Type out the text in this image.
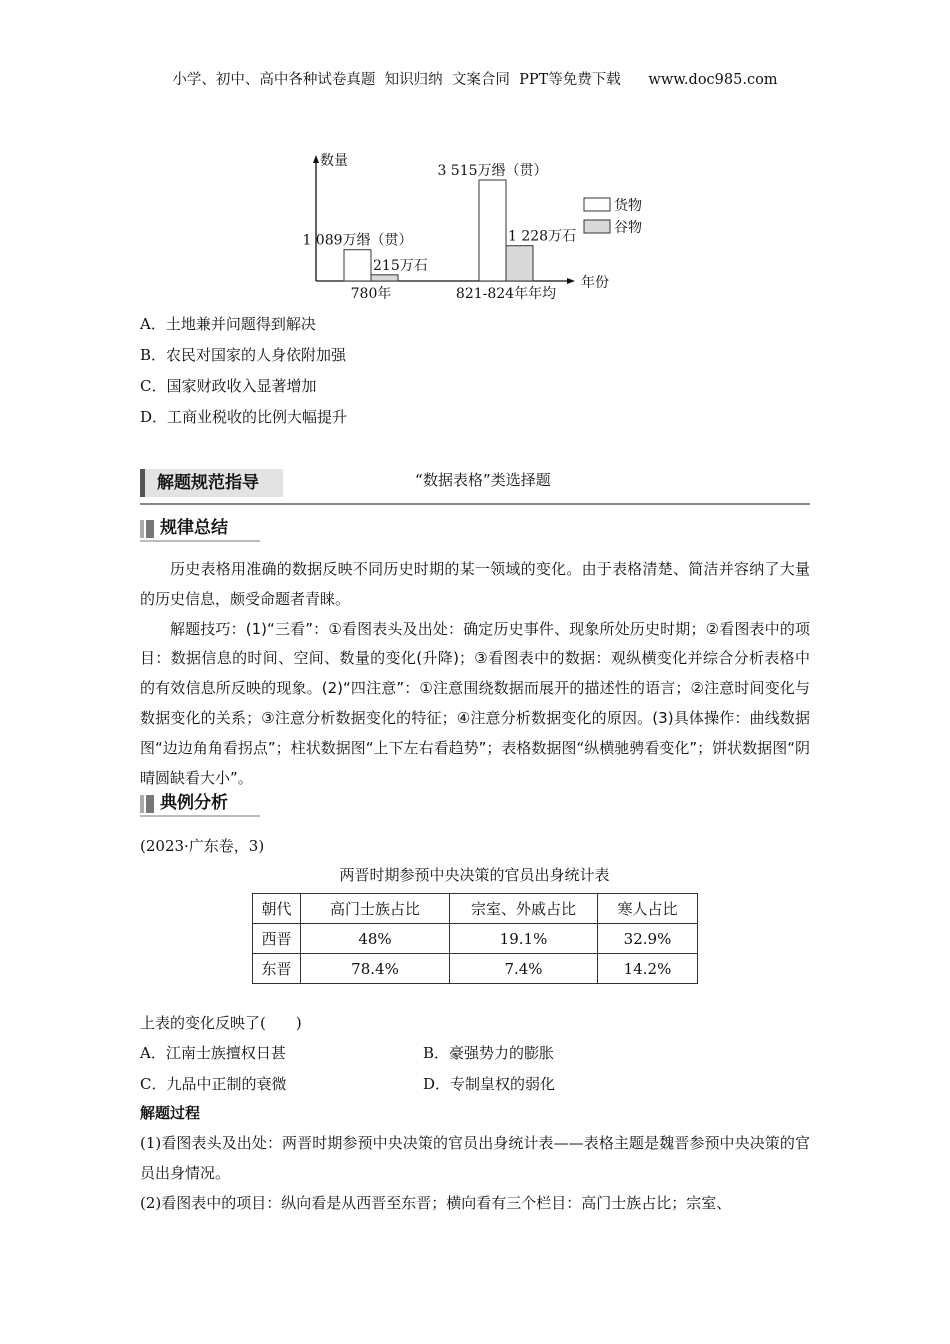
小学、初中、高中各种试卷真题  知识归纳  文案合同  PPT等免费下载      www.doc985.com
数量
年份
780年
1 089万缗（贯）
215万石
821-824年年均
3 515万缗（贯）
1 228万石
货物
谷物
A．土地兼并问题得到解决
B．农民对国家的人身依附加强
C．国家财政收入显著增加
D．工商业税收的比例大幅提升
解题规范指导	“数据表格”类选择题
规律总结

历史表格用准确的数据反映不同历史时期的某一领域的变化。由于表格清楚、简洁并容纳了大量的历史信息，颇受命题者青睐。

解题技巧：(1)“三看”：①看图表头及出处：确定历史事件、现象所处历史时期；②看图表中的项目：数据信息的时间、空间、数量的变化(升降)；③看图表中的数据：观纵横变化并综合分析表格中的有效信息所反映的现象。(2)“四注意”：①注意围绕数据而展开的描述性的语言；②注意时间变化与数据变化的关系；③注意分析数据变化的特征；④注意分析数据变化的原因。(3)具体操作：曲线数据图“边边角角看拐点”；柱状数据图“上下左右看趋势”；表格数据图“纵横驰骋看变化”；饼状数据图“阴晴圆缺看大小”。

典例分析
(2023·广东卷，3)
两晋时期参预中央决策的官员出身统计表
朝代	高门士族占比	宗室、外戚占比	寒人占比
西晋	48%	19.1%	32.9%
东晋	78.4%	7.4%	14.2%
上表的变化反映了(　　)
A．江南士族擅权日甚	B．豪强势力的膨胀
C．九品中正制的衰微	D．专制皇权的弱化
解题过程
(1)看图表头及出处：两晋时期参预中央决策的官员出身统计表——表格主题是魏晋参预中央决策的官员出身情况。
(2)看图表中的项目：纵向看是从西晋至东晋；横向看有三个栏目：高门士族占比；宗室、
